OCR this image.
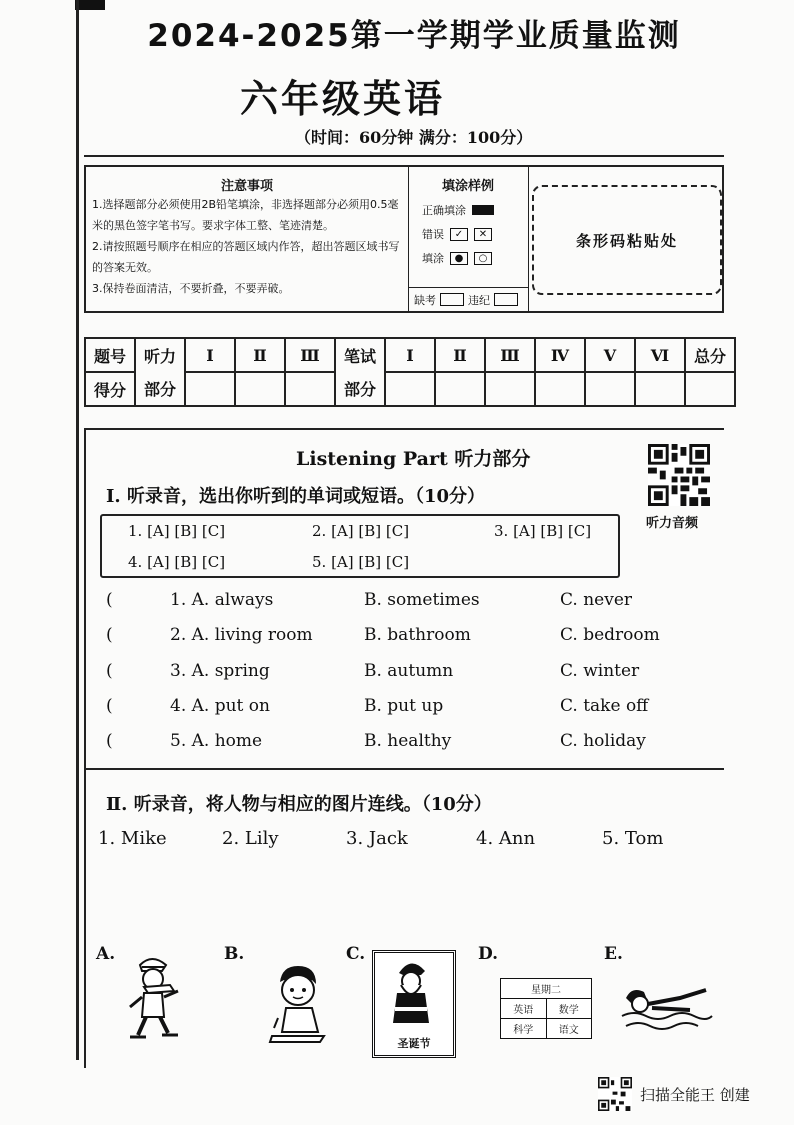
2024-2025第一学期学业质量监测
六年级英语
（时间：60分钟 满分：100分）
注意事项
1.选择题部分必须使用2B铅笔填涂，非选择题部分必须用0.5毫米的黑色签字笔书写。要求字体工整、笔迹清楚。
2.请按照题号顺序在相应的答题区域内作答，超出答题区域书写的答案无效。
3.保持卷面清洁，不要折叠，不要弄破。
填涂样例
正确填涂
错误	✓	✕
填涂	●	○
缺考	违纪
条形码粘贴处
题号	听力	Ⅰ	Ⅱ	Ⅲ	笔试	Ⅰ	Ⅱ	Ⅲ	Ⅳ	Ⅴ	Ⅵ	总分
得分	部分				部分							
Listening Part 听力部分
听力音频
Ⅰ. 听录音，选出你听到的单词或短语。（10分）
1. [A] [B] [C]	2. [A] [B] [C]	3. [A] [B] [C]
4. [A] [B] [C]	5. [A] [B] [C]
(	1. A. always	B. sometimes	C. never
(	2. A. living room	B. bathroom	C. bedroom
(	3. A. spring	B. autumn	C. winter
(	4. A. put on	B. put up	C. take off
(	5. A. home	B. healthy	C. holiday
Ⅱ. 听录音，将人物与相应的图片连线。（10分）
1. Mike	2. Lily	3. Jack	4. Ann	5. Tom
A.	B.	C.	D.	E.
圣诞节
星期二
英语	数学
科学	语文
扫描全能王 创建
